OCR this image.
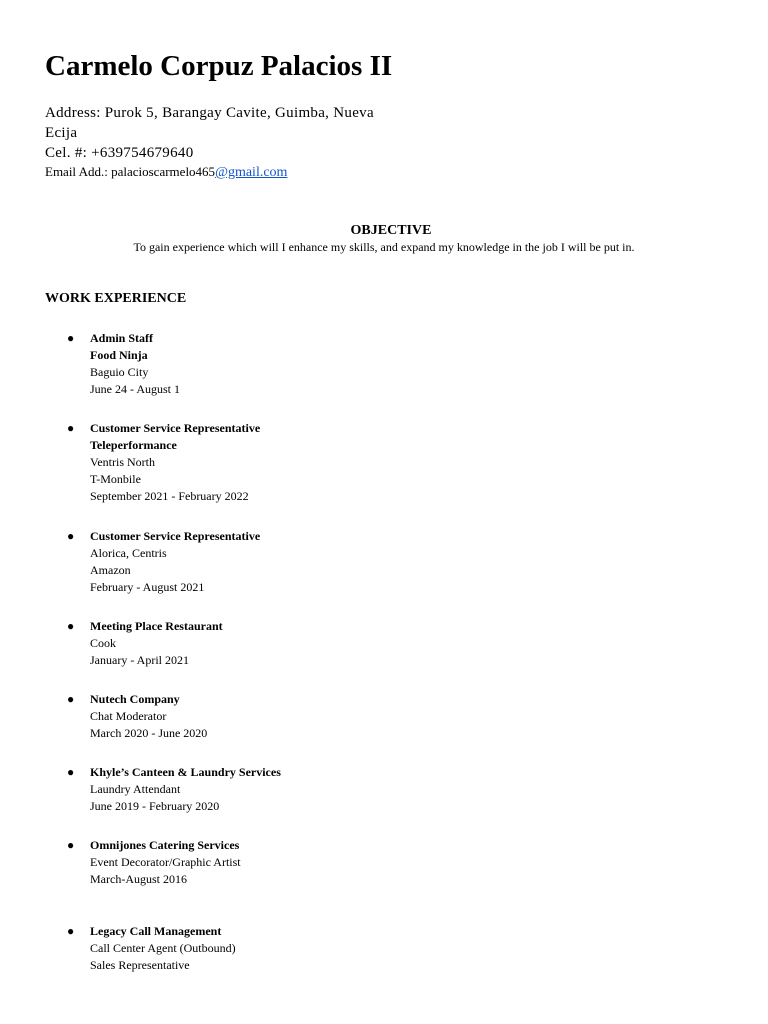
Carmelo Corpuz Palacios II
Address: Purok 5, Barangay Cavite, Guimba, Nueva Ecija
Cel. #: +639754679640
Email Add.: palacioscarmelo465@gmail.com
OBJECTIVE
To gain experience which will I enhance my skills, and expand my knowledge in the job I will be put in.
WORK EXPERIENCE
● Admin Staff
Food Ninja
Baguio City
June 24 - August 1
● Customer Service Representative
Teleperformance
Ventris North
T-Monbile
September 2021 - February 2022
● Customer Service Representative
Alorica, Centris
Amazon
February - August 2021
● Meeting Place Restaurant
Cook
January - April 2021
● Nutech Company
Chat Moderator
March 2020 - June 2020
● Khyle’s Canteen & Laundry Services
Laundry Attendant
June 2019 - February 2020
● Omnijones Catering Services
Event Decorator/Graphic Artist
March-August 2016
● Legacy Call Management
Call Center Agent (Outbound)
Sales Representative
